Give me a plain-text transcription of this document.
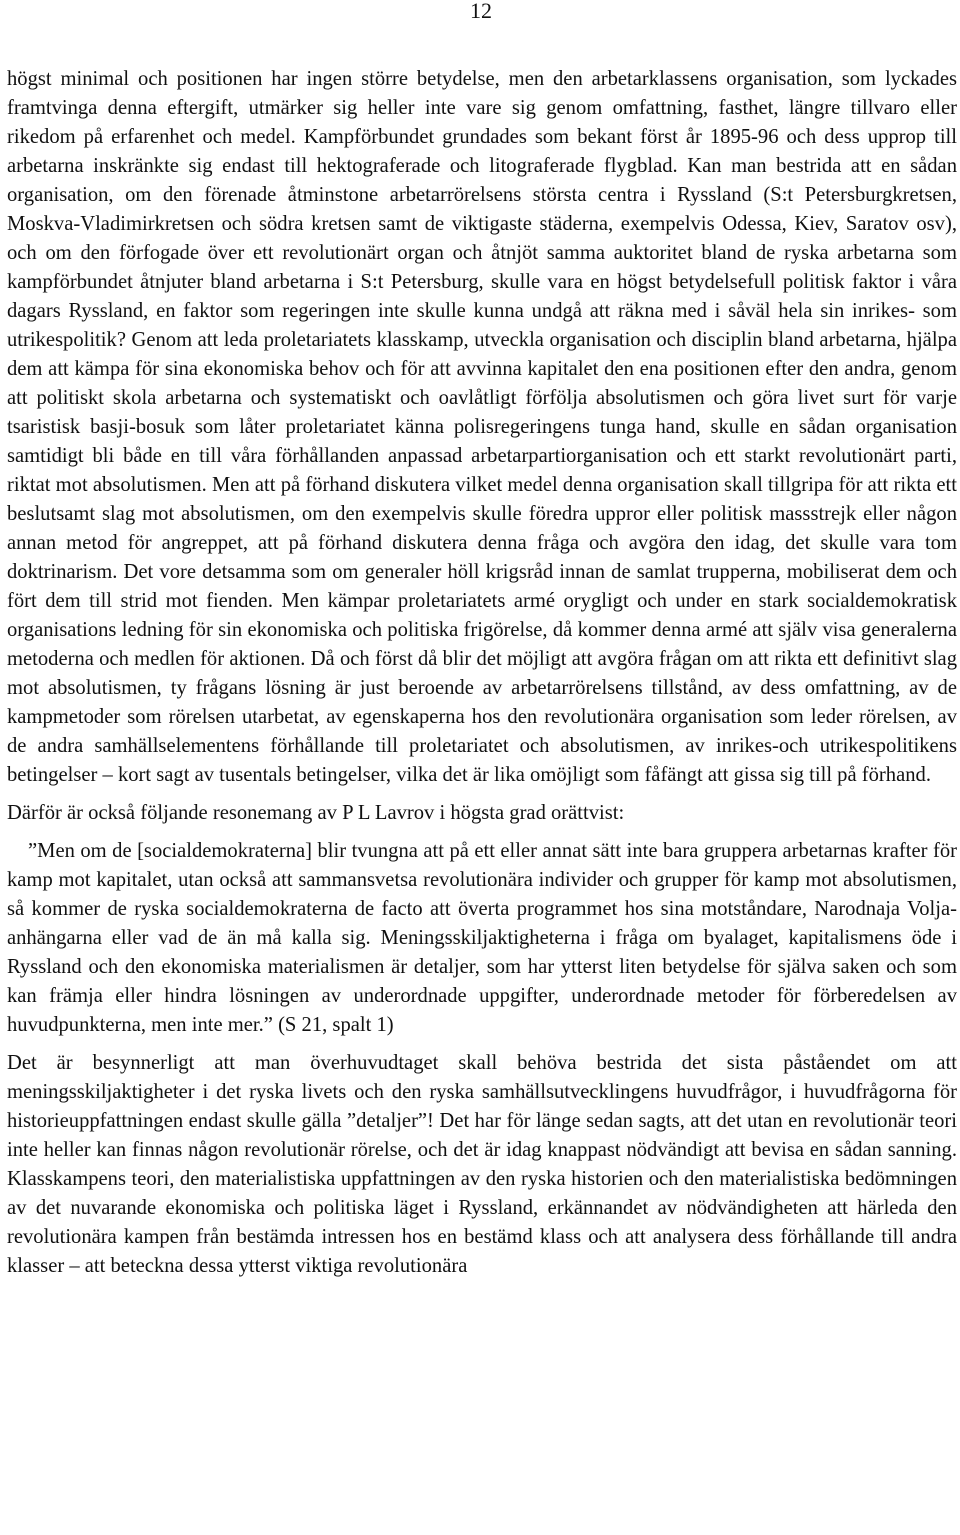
12

högst minimal och positionen har ingen större betydelse, men den arbetarklassens organisation, som lyckades framtvinga denna eftergift, utmärker sig heller inte vare sig genom omfattning, fasthet, längre tillvaro eller rikedom på erfarenhet och medel. Kampförbundet grundades som bekant först år 1895-96 och dess upprop till arbetarna inskränkte sig endast till hektograferade och litograferade flygblad. Kan man bestrida att en sådan organisation, om den förenade åtminstone arbetarrörelsens största centra i Ryssland (S:t Petersburgkretsen, Moskva-Vladimirkretsen och södra kretsen samt de viktigaste städerna, exempelvis Odessa, Kiev, Saratov osv), och om den förfogade över ett revolutionärt organ och åtnjöt samma auktoritet bland de ryska arbetarna som kampförbundet åtnjuter bland arbetarna i S:t Petersburg, skulle vara en högst betydelsefull politisk faktor i våra dagars Ryssland, en faktor som regeringen inte skulle kunna undgå att räkna med i såväl hela sin inrikes- som utrikespolitik? Genom att leda proletariatets klasskamp, utveckla organisation och disciplin bland arbetarna, hjälpa dem att kämpa för sina ekonomiska behov och för att avvinna kapitalet den ena positionen efter den andra, genom att politiskt skola arbetarna och systematiskt och oavlåtligt förfölja absolutismen och göra livet surt för varje tsaristisk basji-bosuk som låter proletariatet känna polisregeringens tunga hand, skulle en sådan organisation samtidigt bli både en till våra förhållanden anpassad arbetarpartiorganisation och ett starkt revolutionärt parti, riktat mot absolutismen. Men att på förhand diskutera vilket medel denna organisation skall tillgripa för att rikta ett beslutsamt slag mot absolutismen, om den exempelvis skulle föredra uppror eller politisk massstrejk eller någon annan metod för angreppet, att på förhand diskutera denna fråga och avgöra den idag, det skulle vara tom doktrinarism. Det vore detsamma som om generaler höll krigsråd innan de samlat trupperna, mobiliserat dem och fört dem till strid mot fienden. Men kämpar proletariatets armé orygligt och under en stark socialdemokratisk organisations ledning för sin ekonomiska och politiska frigörelse, då kommer denna armé att själv visa generalerna metoderna och medlen för aktionen. Då och först då blir det möjligt att avgöra frågan om att rikta ett definitivt slag mot absolutismen, ty frågans lösning är just beroende av arbetarrörelsens tillstånd, av dess omfattning, av de kampmetoder som rörelsen utarbetat, av egenskaperna hos den revolutionära organisation som leder rörelsen, av de andra samhällselementens förhållande till proletariatet och absolutismen, av inrikes-och utrikespolitikens betingelser – kort sagt av tusentals betingelser, vilka det är lika omöjligt som fåfängt att gissa sig till på förhand.

Därför är också följande resonemang av P L Lavrov i högsta grad orättvist:

”Men om de [socialdemokraterna] blir tvungna att på ett eller annat sätt inte bara gruppera arbetarnas krafter för kamp mot kapitalet, utan också att sammansvetsa revolutionära individer och grupper för kamp mot absolutismen, så kommer de ryska socialdemokraterna de facto att överta programmet hos sina motståndare, Narodnaja Volja-anhängarna eller vad de än må kalla sig. Meningsskiljaktigheterna i fråga om byalaget, kapitalismens öde i Ryssland och den ekonomiska materialismen är detaljer, som har ytterst liten betydelse för själva saken och som kan främja eller hindra lösningen av underordnade uppgifter, underordnade metoder för förberedelsen av huvudpunkterna, men inte mer.” (S 21, spalt 1)

Det är besynnerligt att man överhuvudtaget skall behöva bestrida det sista påståendet om att meningsskiljaktigheter i det ryska livets och den ryska samhällsutvecklingens huvudfrågor, i huvudfrågorna för historieuppfattningen endast skulle gälla ”detaljer”! Det har för länge sedan sagts, att det utan en revolutionär teori inte heller kan finnas någon revolutionär rörelse, och det är idag knappast nödvändigt att bevisa en sådan sanning. Klasskampens teori, den materialistiska uppfattningen av den ryska historien och den materialistiska bedömningen av det nuvarande ekonomiska och politiska läget i Ryssland, erkännandet av nödvändigheten att härleda den revolutionära kampen från bestämda intressen hos en bestämd klass och att analysera dess förhållande till andra klasser – att beteckna dessa ytterst viktiga revolutionära
